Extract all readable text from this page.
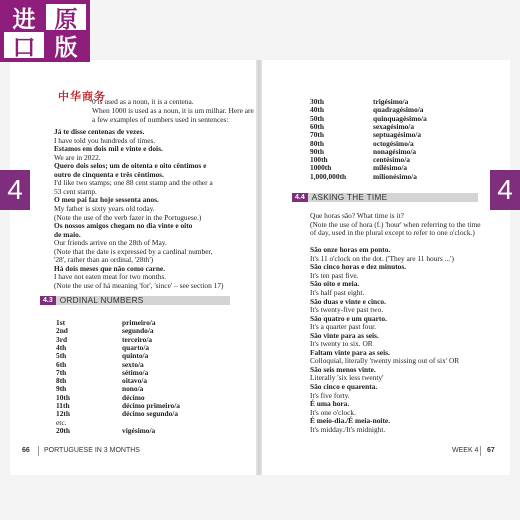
进 原
口 版
中华商务
4	4
0 is used as a noun, it is a centena.
When 1000 is used as a noun, it is um milhar. Here are
a few examples of numbers used in sentences:
Já te disse centenas de vezes.
I have told you hundreds of times.
Estamos em dois mil e vinte e dois.
We are in 2022.
Quero dois selos; um de oitenta e oito cêntimos e
outro de cinquenta e três cêntimos.
I'd like two stamps; one 88 cent stamp and the other a
53 cent stamp.
O meu pai faz hoje sessenta anos.
My father is sixty years old today.
(Note the use of the verb fazer in the Portuguese.)
Os nossos amigos chegam no dia vinte e oito
de maio.
Our friends arrive on the 28th of May.
(Note that the date is expressed by a cardinal number,
'28', rather than an ordinal, '28th')
Há dois meses que não como carne.
I have not eaten meat for two months.
(Note the use of há meaning 'for', 'since' – see section 17)
4.3 ORDINAL NUMBERS
1st	primeiro/a
2nd	segundo/a
3rd	terceiro/a
4th	quarto/a
5th	quinto/a
6th	sexto/a
7th	sétimo/a
8th	oitavo/a
9th	nono/a
10th	décimo
11th	décimo primeiro/a
12th	décimo segundo/a
etc.
20th	vigésimo/a
30th	trigésimo/a
40th	quadragésimo/a
50th	quinquagésimo/a
60th	sexagésimo/a
70th	septuagésimo/a
80th	octogésimo/a
90th	nonagésimo/a
100th	centésimo/a
1000th	milésimo/a
1,000,000th	milionésimo/a
4.4 ASKING THE TIME
Que horas são? What time is it?
(Note the use of hora (f.) 'hour' when referring to the time
of day, used in the plural except to refer to one o'clock.)
São onze horas em ponto.
It's 11 o'clock on the dot. ('They are 11 hours ...')
São cinco horas e dez minutos.
It's ten past five.
São oito e meia.
It's half past eight.
São duas e vinte e cinco.
It's twenty-five past two.
São quatro e um quarto.
It's a quarter past four.
São vinte para as seis.
It's twenty to six. OR
Faltam vinte para as seis.
Colloquial, literally 'twenty missing out of six' OR
São seis menos vinte.
Literally 'six less twenty'
São cinco e quarenta.
It's five forty.
É uma hora.
It's one o'clock.
É meio-dia./É meia-noite.
It's midday./It's midnight.
66 PORTUGUESE IN 3 MONTHS	WEEK 4 67
